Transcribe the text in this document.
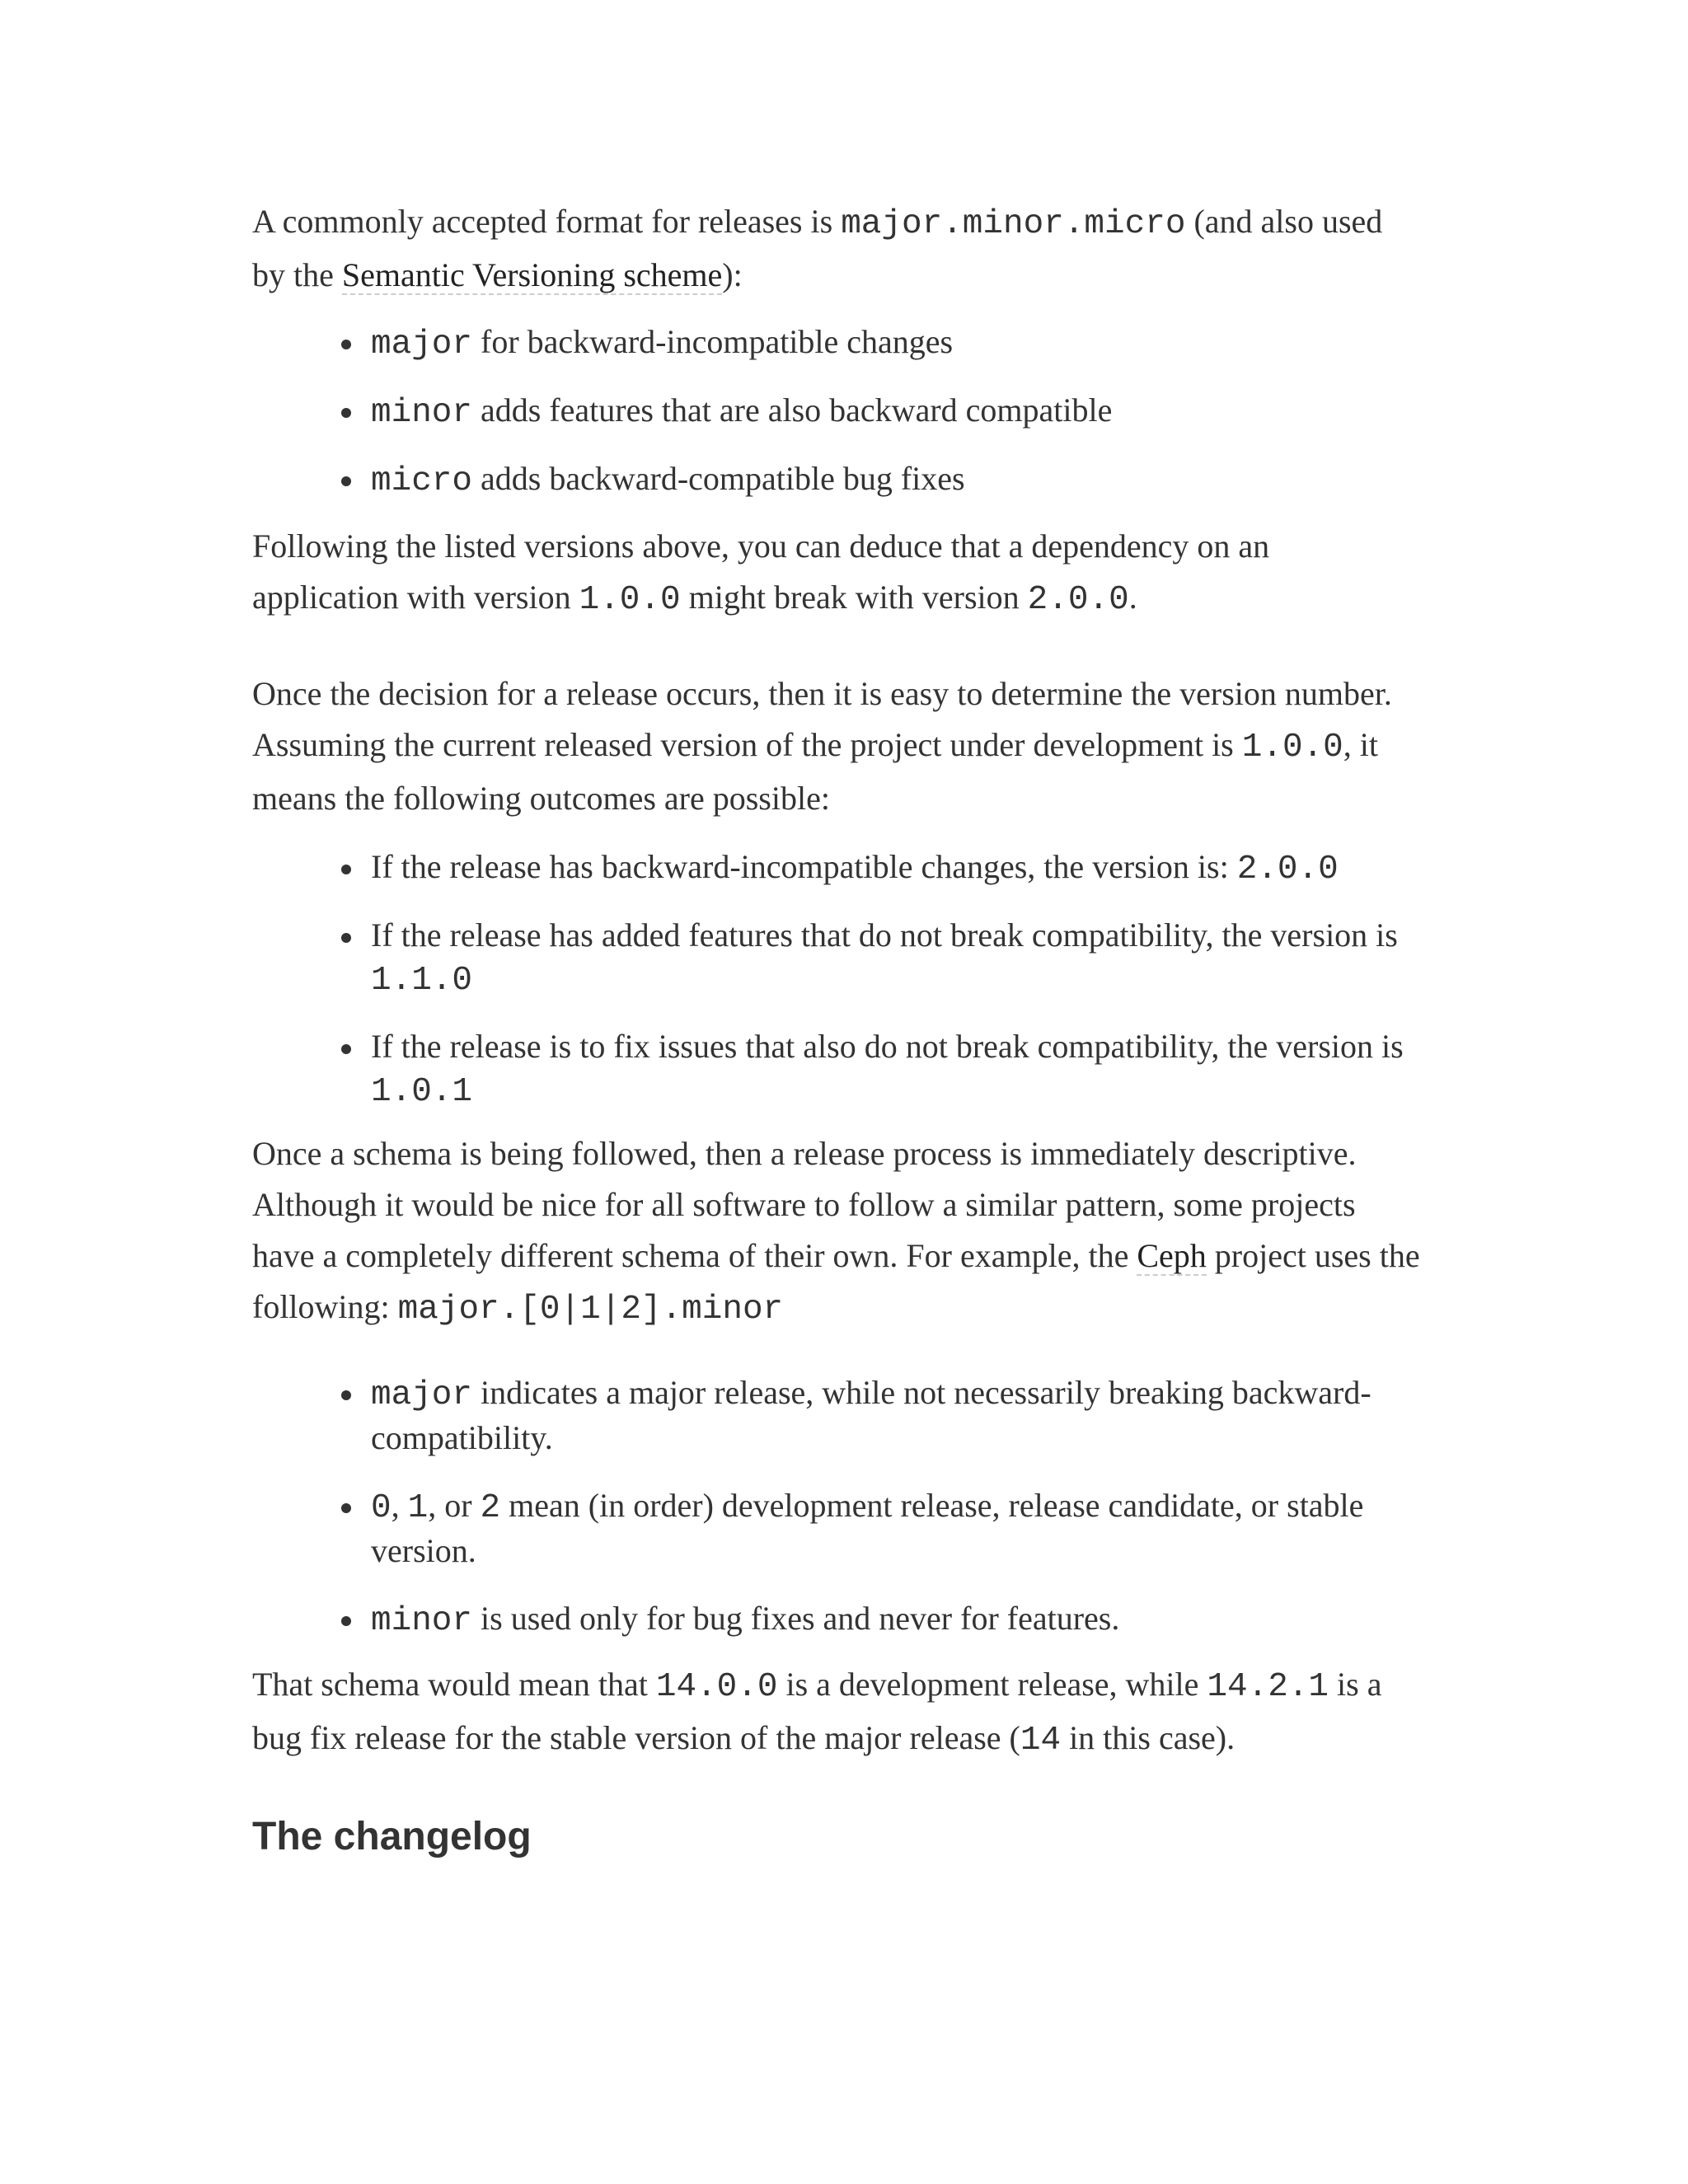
A commonly accepted format for releases is major.minor.micro (and also used by the Semantic Versioning scheme):

major for backward-incompatible changes
minor adds features that are also backward compatible
micro adds backward-compatible bug fixes

Following the listed versions above, you can deduce that a dependency on an application with version 1.0.0 might break with version 2.0.0.

Once the decision for a release occurs, then it is easy to determine the version number. Assuming the current released version of the project under development is 1.0.0, it means the following outcomes are possible:

If the release has backward-incompatible changes, the version is: 2.0.0
If the release has added features that do not break compatibility, the version is 1.1.0
If the release is to fix issues that also do not break compatibility, the version is 1.0.1

Once a schema is being followed, then a release process is immediately descriptive. Although it would be nice for all software to follow a similar pattern, some projects have a completely different schema of their own. For example, the Ceph project uses the following: major.[0|1|2].minor

major indicates a major release, while not necessarily breaking backward-compatibility.
0, 1, or 2 mean (in order) development release, release candidate, or stable version.
minor is used only for bug fixes and never for features.

That schema would mean that 14.0.0 is a development release, while 14.2.1 is a bug fix release for the stable version of the major release (14 in this case).

The changelog
